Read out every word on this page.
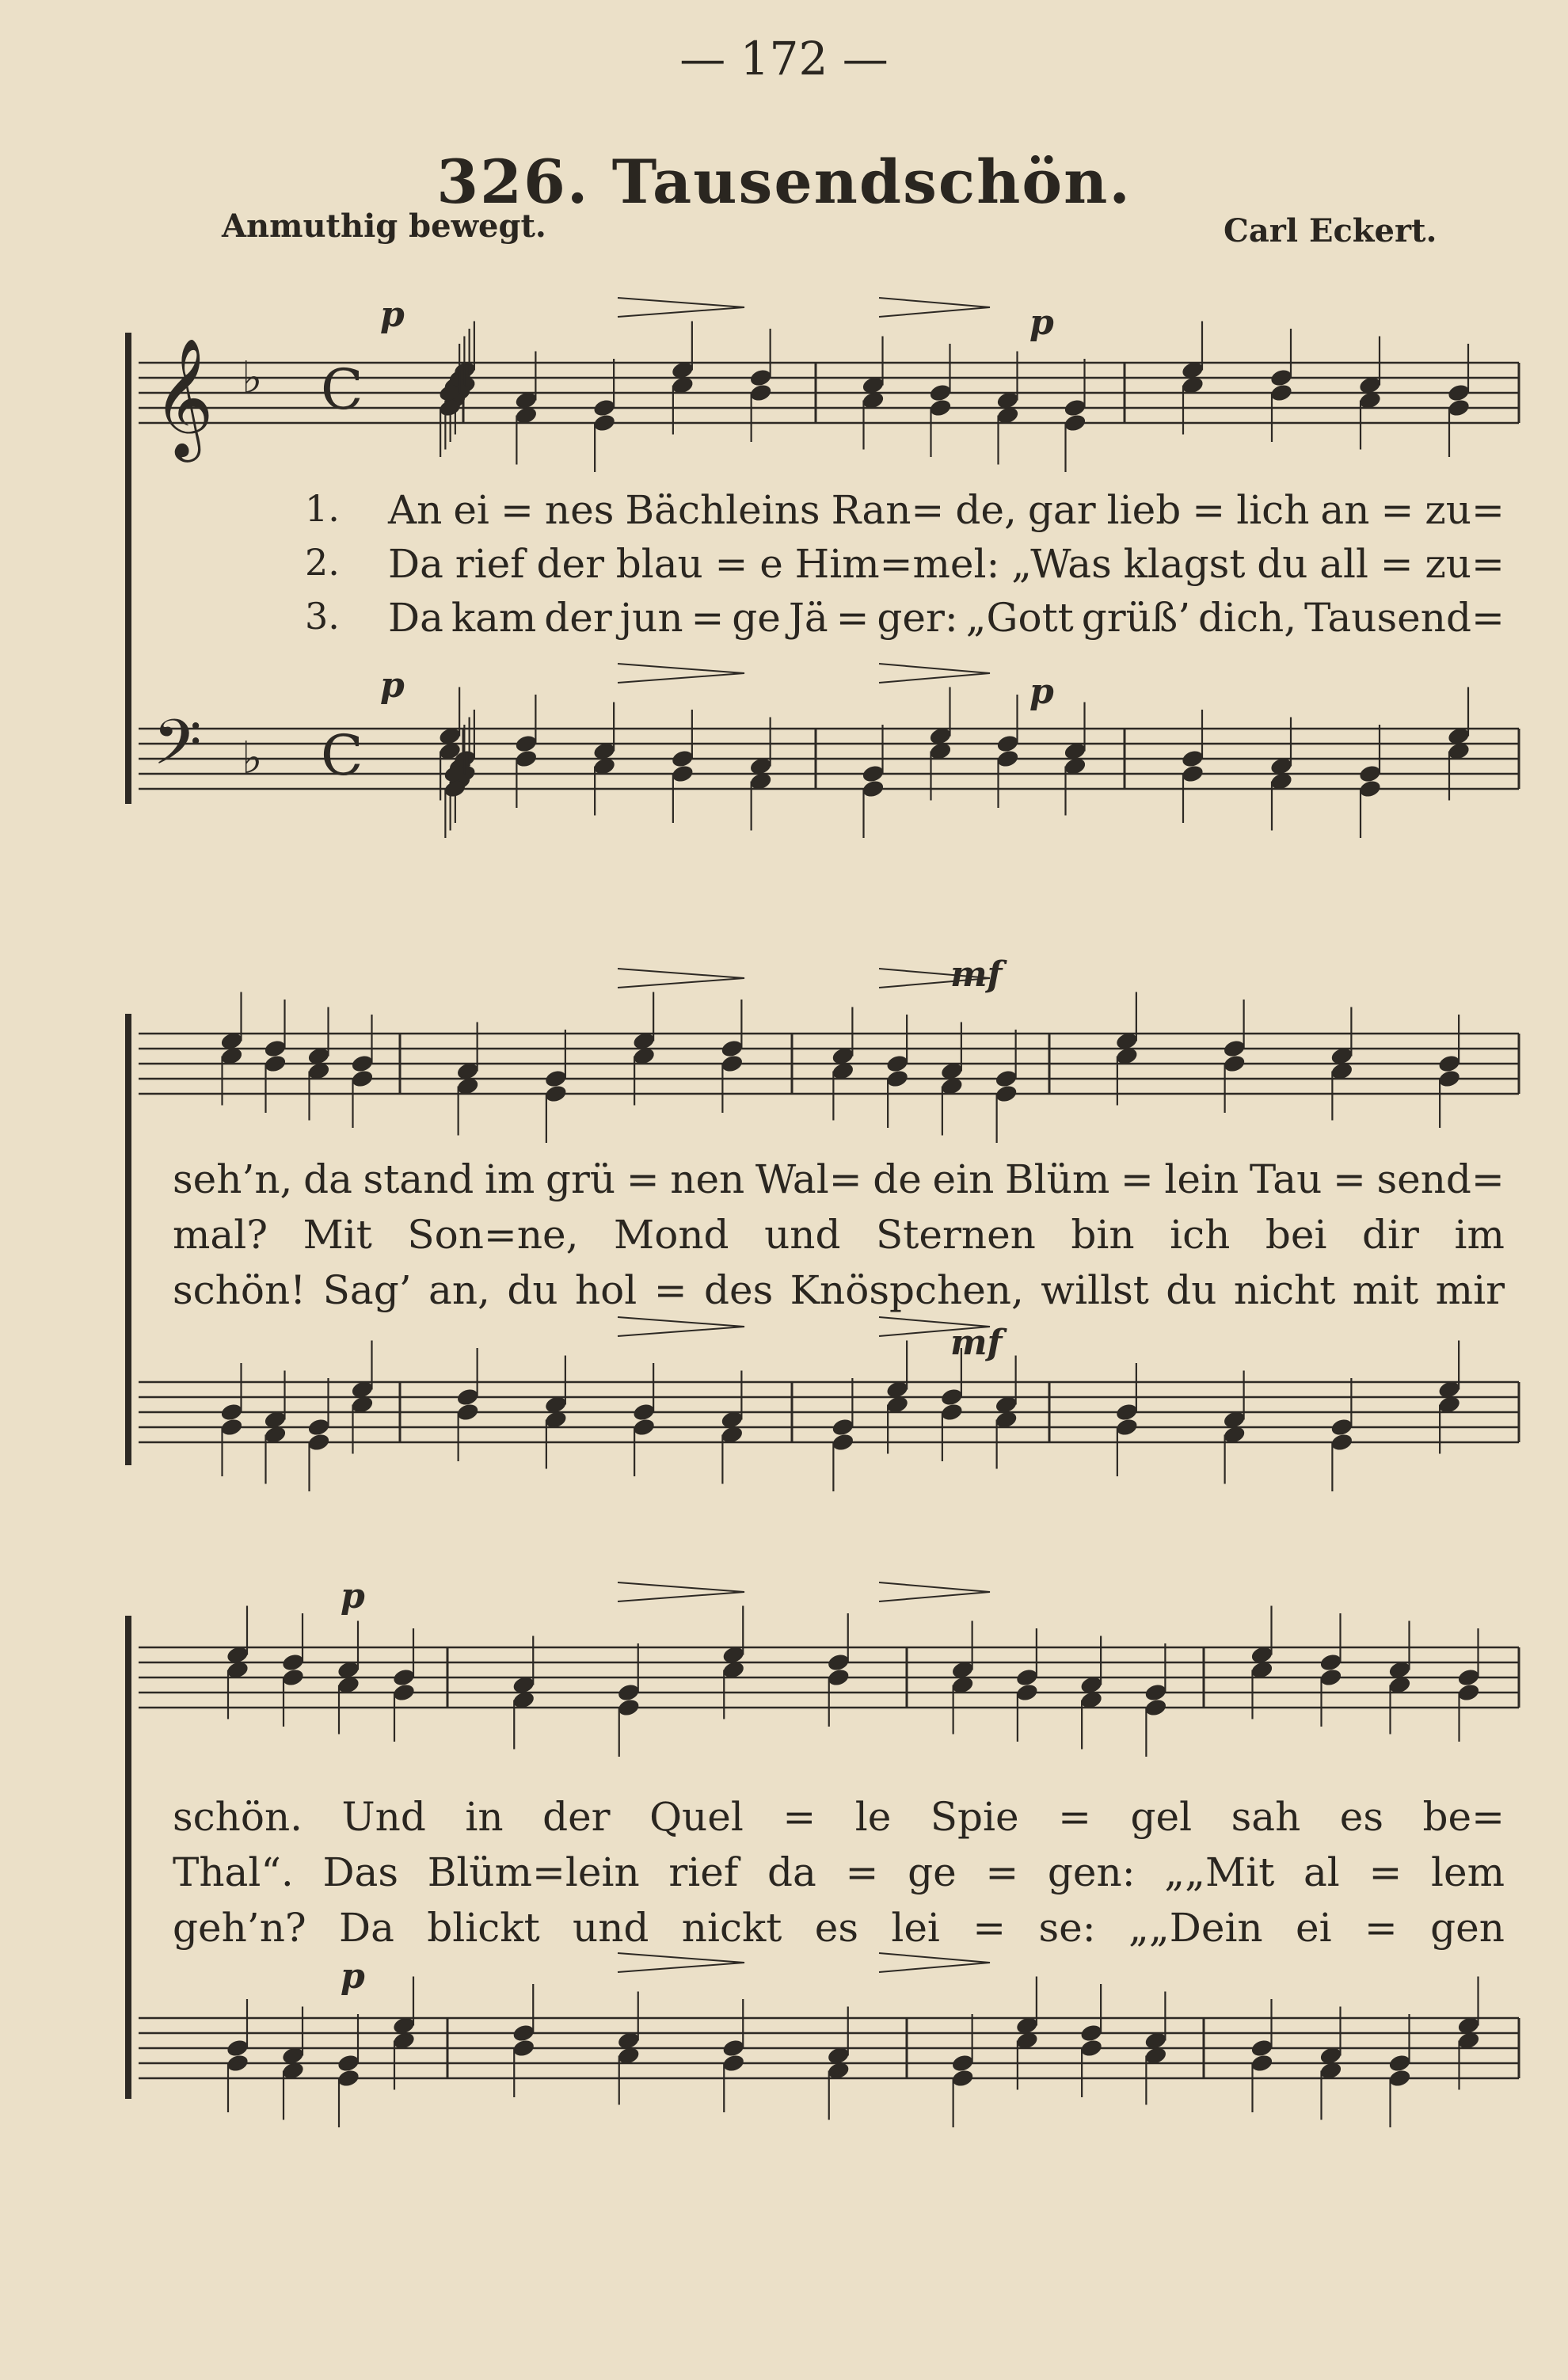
— 172 —
326. Tausendschön.
Anmuthig bewegt.	Carl Eckert.
𝄞 ♭ C
𝄢 ♭ C
p	p
p	p
mf
mf
p
p
1. An ei = nes Bächleins Ran= de, gar lieb = lich an = zu=
2. Da rief der blau = e Him=mel: „Was klagst du all = zu=
3. Da kam der jun = ge Jä = ger: „Gott grüß’ dich, Tausend=
seh’n, da stand im grü = nen Wal= de ein Blüm = lein Tau = send=
mal? Mit Son=ne, Mond und Sternen bin ich bei dir im
schön! Sag’ an, du hol = des Knöspchen, willst du nicht mit mir
schön. Und in der Quel = le Spie = gel sah es be=
Thal“. Das Blüm=lein rief da = ge = gen: „„Mit al = lem
geh’n? Da blickt und nickt es lei = se: „„Dein ei = gen
